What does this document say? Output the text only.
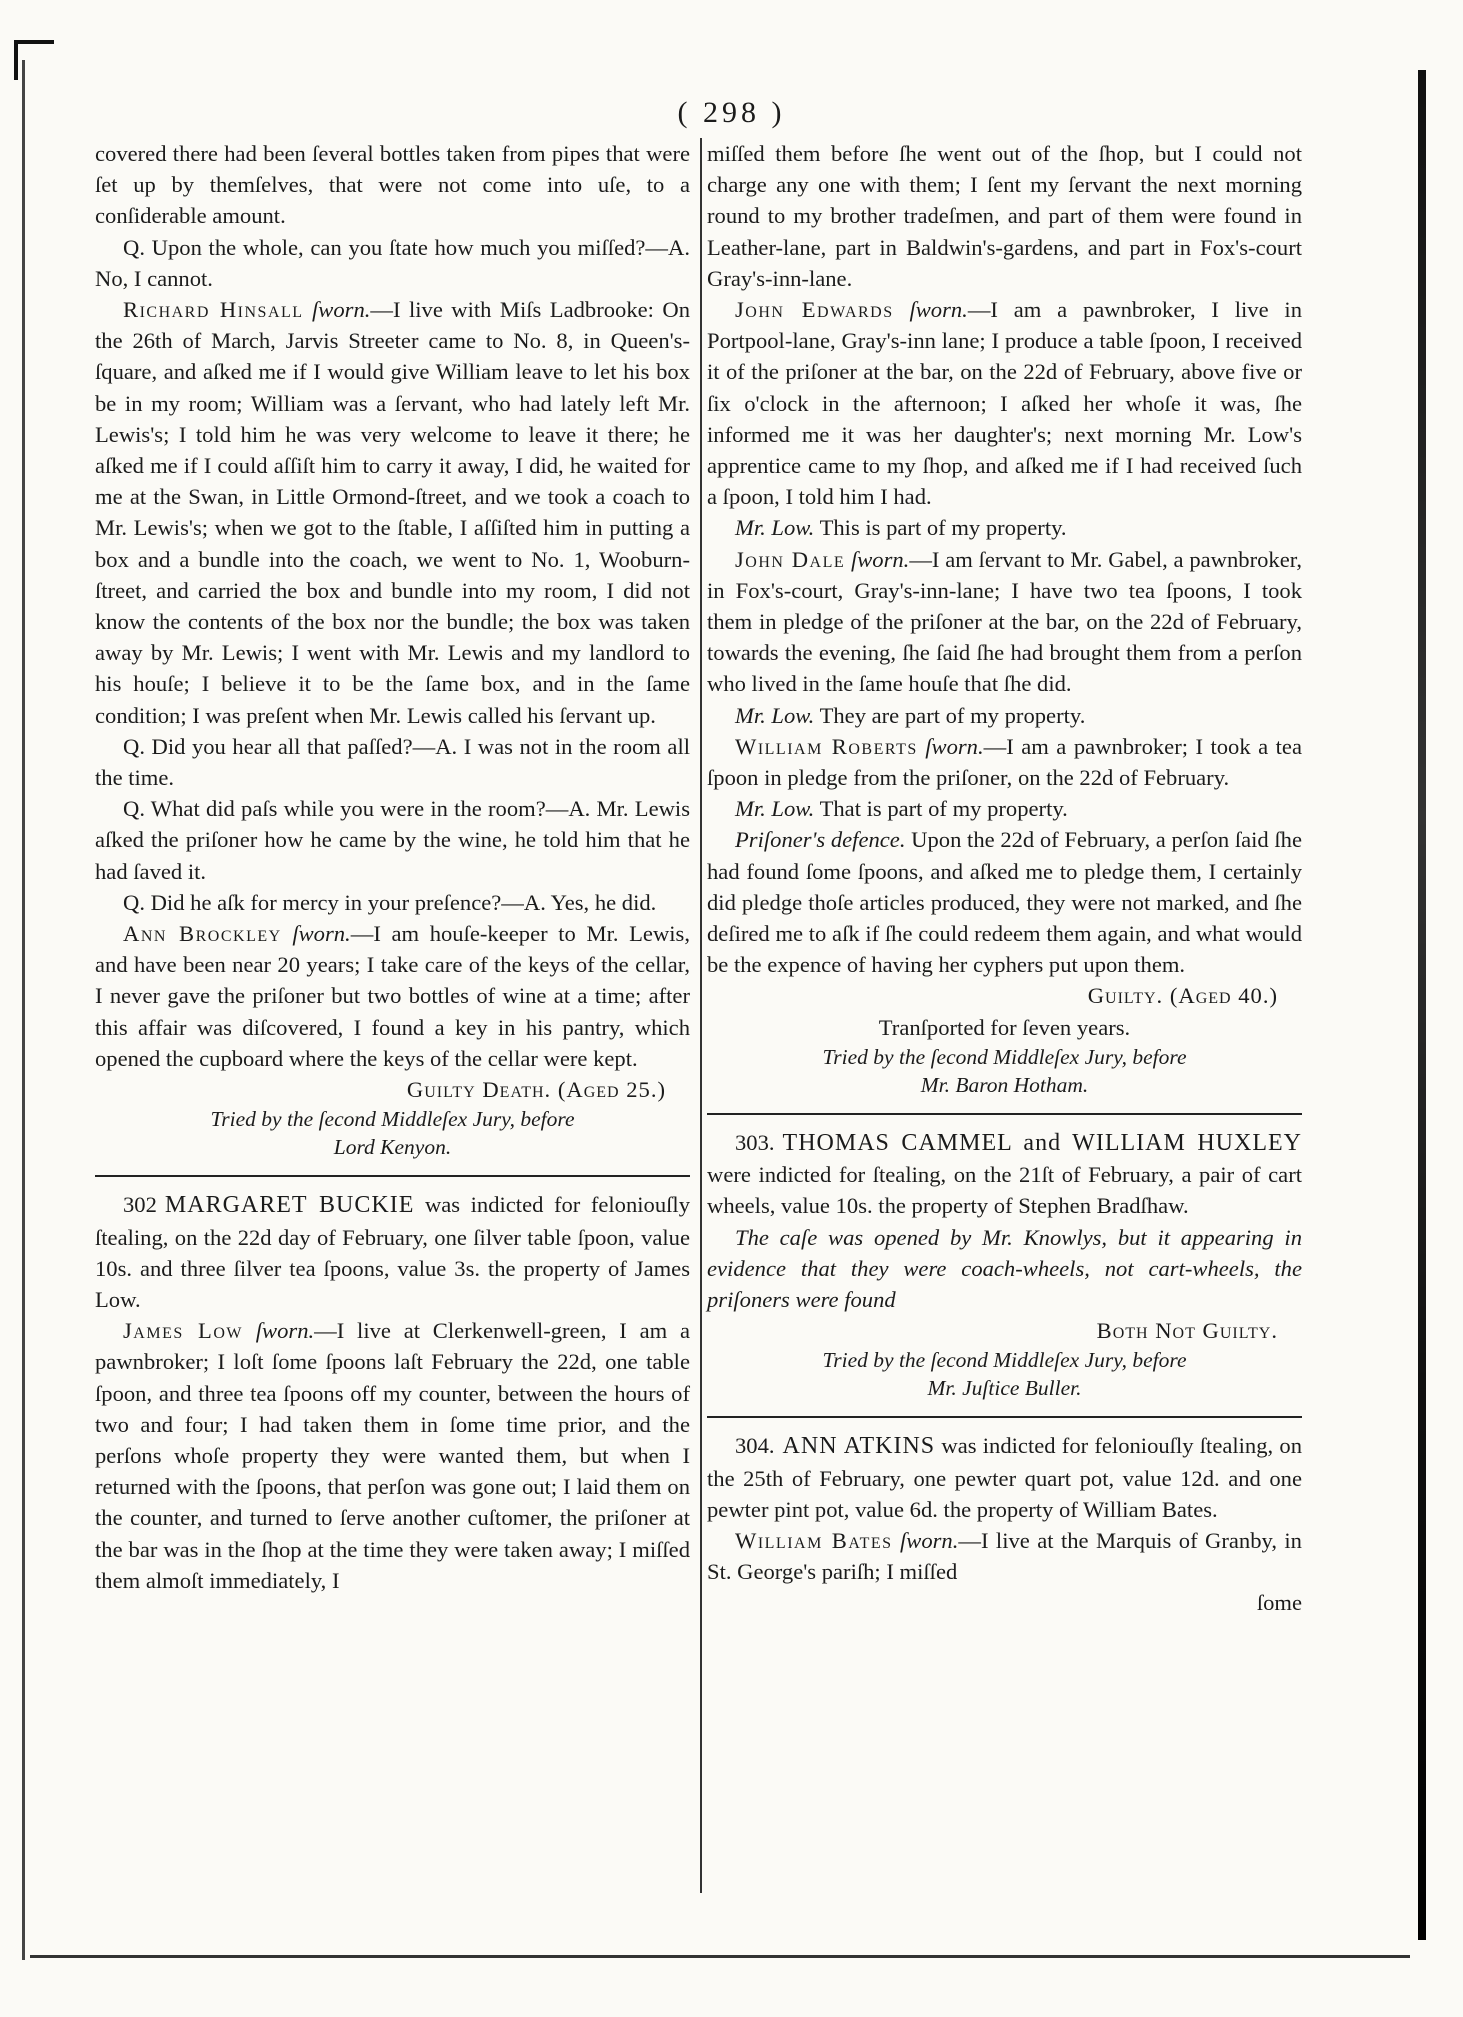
( 298 )

covered there had been ſeveral bottles taken from pipes that were ſet up by themſelves, that were not come into uſe, to a conſiderable amount.

Q. Upon the whole, can you ſtate how much you miſſed?—A. No, I cannot.

Richard Hinsall ſworn.—I live with Miſs Ladbrooke: On the 26th of March, Jarvis Streeter came to No. 8, in Queen's-ſquare, and aſked me if I would give William leave to let his box be in my room; William was a ſervant, who had lately left Mr. Lewis's; I told him he was very welcome to leave it there; he aſked me if I could aſſiſt him to carry it away, I did, he waited for me at the Swan, in Little Ormond-ſtreet, and we took a coach to Mr. Lewis's; when we got to the ſtable, I aſſiſted him in putting a box and a bundle into the coach, we went to No. 1, Wooburn-ſtreet, and carried the box and bundle into my room, I did not know the contents of the box nor the bundle; the box was taken away by Mr. Lewis; I went with Mr. Lewis and my landlord to his houſe; I believe it to be the ſame box, and in the ſame condition; I was preſent when Mr. Lewis called his ſervant up.

Q. Did you hear all that paſſed?—A. I was not in the room all the time.

Q. What did paſs while you were in the room?—A. Mr. Lewis aſked the priſoner how he came by the wine, he told him that he had ſaved it.

Q. Did he aſk for mercy in your preſence?—A. Yes, he did.

Ann Brockley ſworn.—I am houſe-keeper to Mr. Lewis, and have been near 20 years; I take care of the keys of the cellar, I never gave the priſoner but two bottles of wine at a time; after this affair was diſcovered, I found a key in his pantry, which opened the cupboard where the keys of the cellar were kept.

Guilty Death. (Aged 25.)

Tried by the ſecond Middleſex Jury, before

Lord Kenyon.

302 MARGARET BUCKIE was indicted for feloniouſly ſtealing, on the 22d day of February, one ſilver table ſpoon, value 10s. and three ſilver tea ſpoons, value 3s. the property of James Low.

James Low ſworn.—I live at Clerkenwell-green, I am a pawnbroker; I loſt ſome ſpoons laſt February the 22d, one table ſpoon, and three tea ſpoons off my counter, between the hours of two and four; I had taken them in ſome time prior, and the perſons whoſe property they were wanted them, but when I returned with the ſpoons, that perſon was gone out; I laid them on the counter, and turned to ſerve another cuſtomer, the priſoner at the bar was in the ſhop at the time they were taken away; I miſſed them almoſt immediately, I

miſſed them before ſhe went out of the ſhop, but I could not charge any one with them; I ſent my ſervant the next morning round to my brother tradeſmen, and part of them were found in Leather-lane, part in Baldwin's-gardens, and part in Fox's-court Gray's-inn-lane.

John Edwards ſworn.—I am a pawnbroker, I live in Portpool-lane, Gray's-inn lane; I produce a table ſpoon, I received it of the priſoner at the bar, on the 22d of February, above five or ſix o'clock in the afternoon; I aſked her whoſe it was, ſhe informed me it was her daughter's; next morning Mr. Low's apprentice came to my ſhop, and aſked me if I had received ſuch a ſpoon, I told him I had.

Mr. Low. This is part of my property.

John Dale ſworn.—I am ſervant to Mr. Gabel, a pawnbroker, in Fox's-court, Gray's-inn-lane; I have two tea ſpoons, I took them in pledge of the priſoner at the bar, on the 22d of February, towards the evening, ſhe ſaid ſhe had brought them from a perſon who lived in the ſame houſe that ſhe did.

Mr. Low. They are part of my property.

William Roberts ſworn.—I am a pawnbroker; I took a tea ſpoon in pledge from the priſoner, on the 22d of February.

Mr. Low. That is part of my property.

Priſoner's defence. Upon the 22d of February, a perſon ſaid ſhe had found ſome ſpoons, and aſked me to pledge them, I certainly did pledge thoſe articles produced, they were not marked, and ſhe deſired me to aſk if ſhe could redeem them again, and what would be the expence of having her cyphers put upon them.

Guilty. (Aged 40.)

Tranſported for ſeven years.

Tried by the ſecond Middleſex Jury, before

Mr. Baron Hotham.

303. THOMAS CAMMEL and WILLIAM HUXLEY were indicted for ſtealing, on the 21ſt of February, a pair of cart wheels, value 10s. the property of Stephen Bradſhaw.

The caſe was opened by Mr. Knowlys, but it appearing in evidence that they were coach-wheels, not cart-wheels, the priſoners were found

Both Not Guilty.

Tried by the ſecond Middleſex Jury, before

Mr. Juſtice Buller.

304. ANN ATKINS was indicted for feloniouſly ſtealing, on the 25th of February, one pewter quart pot, value 12d. and one pewter pint pot, value 6d. the property of William Bates.

William Bates ſworn.—I live at the Marquis of Granby, in St. George's pariſh; I miſſed

ſome
